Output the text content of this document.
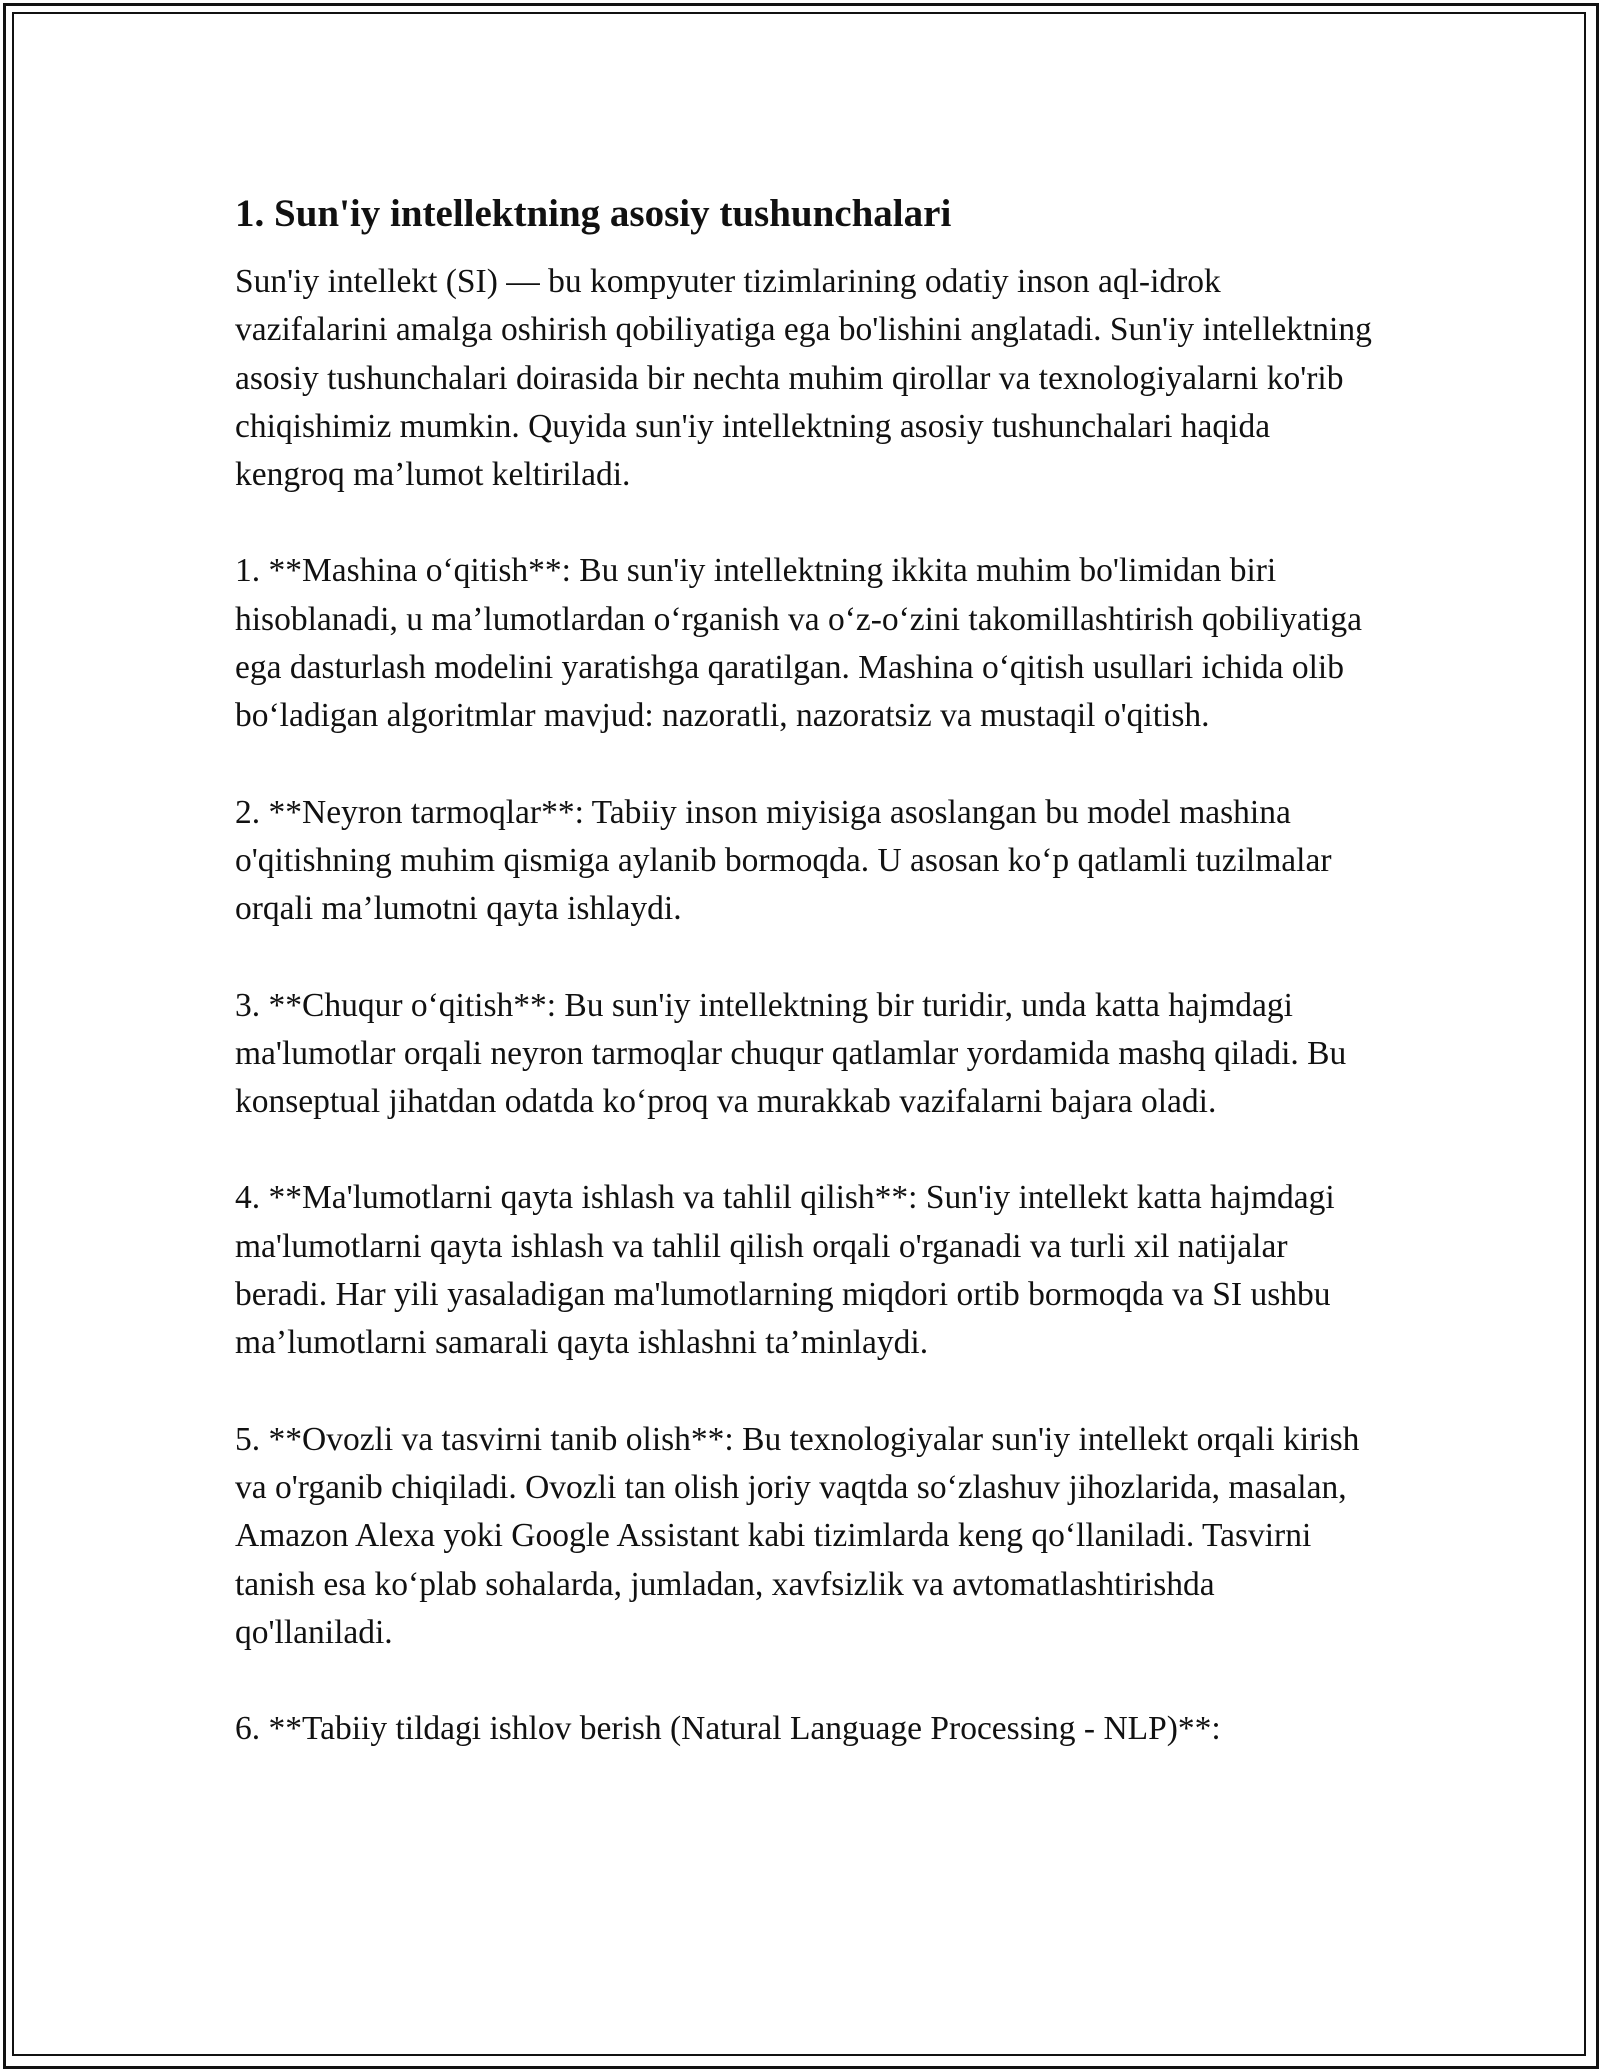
1. Sun'iy intellektning asosiy tushunchalari

Sun'iy intellekt (SI) — bu kompyuter tizimlarining odatiy inson aql-idrok vazifalarini amalga oshirish qobiliyatiga ega bo'lishini anglatadi. Sun'iy intellektning asosiy tushunchalari doirasida bir nechta muhim qirollar va texnologiyalarni ko'rib chiqishimiz mumkin. Quyida sun'iy intellektning asosiy tushunchalari haqida kengroq ma’lumot keltiriladi.

1. **Mashina o‘qitish**: Bu sun'iy intellektning ikkita muhim bo'limidan biri hisoblanadi, u ma’lumotlardan o‘rganish va o‘z-o‘zini takomillashtirish qobiliyatiga ega dasturlash modelini yaratishga qaratilgan. Mashina o‘qitish usullari ichida olib bo‘ladigan algoritmlar mavjud: nazoratli, nazoratsiz va mustaqil o'qitish.

2. **Neyron tarmoqlar**: Tabiiy inson miyisiga asoslangan bu model mashina o'qitishning muhim qismiga aylanib bormoqda. U asosan ko‘p qatlamli tuzilmalar orqali ma’lumotni qayta ishlaydi.

3. **Chuqur o‘qitish**: Bu sun'iy intellektning bir turidir, unda katta hajmdagi ma'lumotlar orqali neyron tarmoqlar chuqur qatlamlar yordamida mashq qiladi. Bu konseptual jihatdan odatda ko‘proq va murakkab vazifalarni bajara oladi.

4. **Ma'lumotlarni qayta ishlash va tahlil qilish**: Sun'iy intellekt katta hajmdagi ma'lumotlarni qayta ishlash va tahlil qilish orqali o'rganadi va turli xil natijalar beradi. Har yili yasaladigan ma'lumotlarning miqdori ortib bormoqda va SI ushbu ma’lumotlarni samarali qayta ishlashni ta’minlaydi.

5. **Ovozli va tasvirni tanib olish**: Bu texnologiyalar sun'iy intellekt orqali kirish va o'rganib chiqiladi. Ovozli tan olish joriy vaqtda so‘zlashuv jihozlarida, masalan, Amazon Alexa yoki Google Assistant kabi tizimlarda keng qo‘llaniladi. Tasvirni tanish esa ko‘plab sohalarda, jumladan, xavfsizlik va avtomatlashtirishda qo'llaniladi.

6. **Tabiiy tildagi ishlov berish (Natural Language Processing - NLP)**:
